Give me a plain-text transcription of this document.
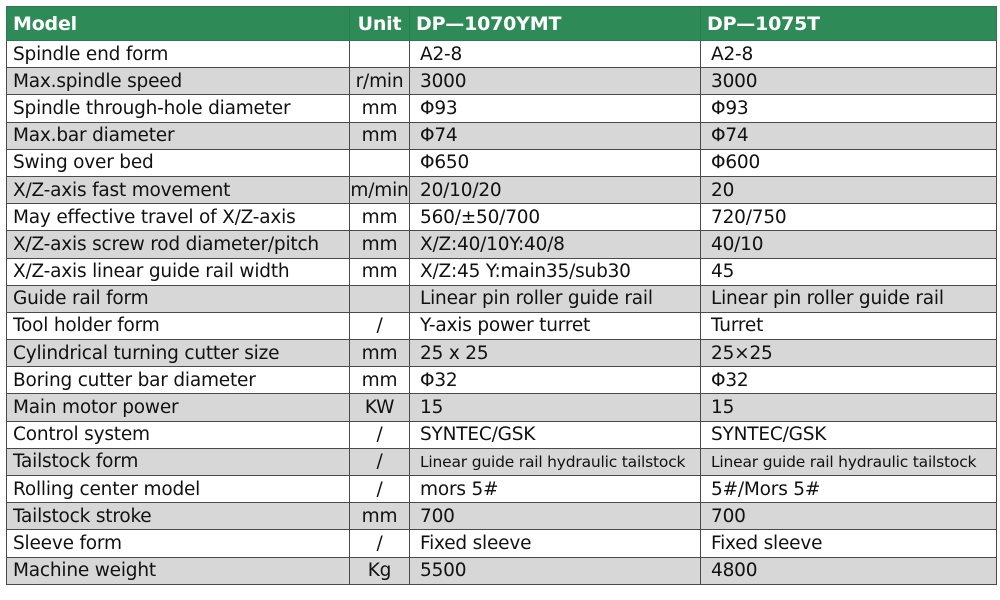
Model	Unit	DP—1070YMT	DP—1075T
Spindle end form		A2-8	A2-8
Max.spindle speed	r/min	3000	3000
Spindle through-hole diameter	mm	Φ93	Φ93
Max.bar diameter	mm	Φ74	Φ74
Swing over bed		Φ650	Φ600
X/Z-axis fast movement	m/min	20/10/20	20
May effective travel of X/Z-axis	mm	560/±50/700	720/750
X/Z-axis screw rod diameter/pitch	mm	X/Z:40/10Y:40/8	40/10
X/Z-axis linear guide rail width	mm	X/Z:45 Y:main35/sub30	45
Guide rail form		Linear pin roller guide rail	Linear pin roller guide rail
Tool holder form	/	Y-axis power turret	Turret
Cylindrical turning cutter size	mm	25 x 25	25×25
Boring cutter bar diameter	mm	Φ32	Φ32
Main motor power	KW	15	15
Control system	/	SYNTEC/GSK	SYNTEC/GSK
Tailstock form	/	Linear guide rail hydraulic tailstock	Linear guide rail hydraulic tailstock
Rolling center model	/	mors 5#	5#/Mors 5#
Tailstock stroke	mm	700	700
Sleeve form	/	Fixed sleeve	Fixed sleeve
Machine weight	Kg	5500	4800
